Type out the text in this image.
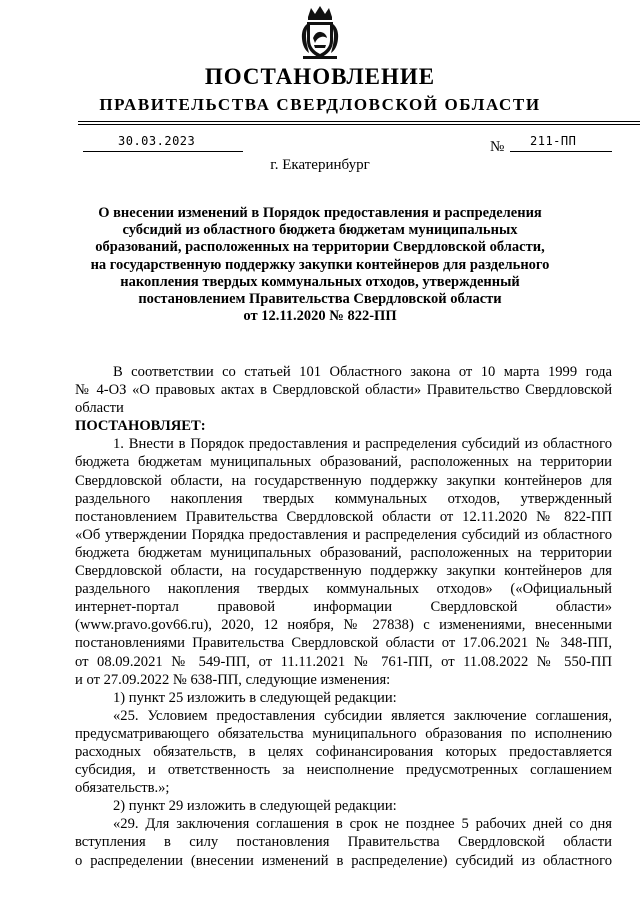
ПОСТАНОВЛЕНИЕ
ПРАВИТЕЛЬСТВА СВЕРДЛОВСКОЙ ОБЛАСТИ
30.03.2023	№ 211-ПП
г. Екатеринбург
О внесении изменений в Порядок предоставления и распределения
субсидий из областного бюджета бюджетам муниципальных
образований, расположенных на территории Свердловской области,
на государственную поддержку закупки контейнеров для раздельного
накопления твердых коммунальных отходов, утвержденный
постановлением Правительства Свердловской области
от 12.11.2020 № 822-ПП
В соответствии со статьей 101 Областного закона от 10 марта 1999 года
№ 4-ОЗ «О правовых актах в Свердловской области» Правительство Свердловской
области
ПОСТАНОВЛЯЕТ:
1. Внести в Порядок предоставления и распределения субсидий из областного
бюджета бюджетам муниципальных образований, расположенных на территории
Свердловской области, на государственную поддержку закупки контейнеров для
раздельного накопления твердых коммунальных отходов, утвержденный
постановлением Правительства Свердловской области от 12.11.2020 № 822-ПП
«Об утверждении Порядка предоставления и распределения субсидий из областного
бюджета бюджетам муниципальных образований, расположенных на территории
Свердловской области, на государственную поддержку закупки контейнеров для
раздельного накопления твердых коммунальных отходов» («Официальный
интернет-портал правовой информации Свердловской области»
(www.pravo.gov66.ru), 2020, 12 ноября, № 27838) с изменениями, внесенными
постановлениями Правительства Свердловской области от 17.06.2021 № 348-ПП,
от 08.09.2021 № 549-ПП, от 11.11.2021 № 761-ПП, от 11.08.2022 № 550-ПП
и от 27.09.2022 № 638-ПП, следующие изменения:
1) пункт 25 изложить в следующей редакции:
«25. Условием предоставления субсидии является заключение соглашения,
предусматривающего обязательства муниципального образования по исполнению
расходных обязательств, в целях софинансирования которых предоставляется
субсидия, и ответственность за неисполнение предусмотренных соглашением
обязательств.»;
2) пункт 29 изложить в следующей редакции:
«29. Для заключения соглашения в срок не позднее 5 рабочих дней со дня
вступления в силу постановления Правительства Свердловской области
о распределении (внесении изменений в распределение) субсидий из областного
